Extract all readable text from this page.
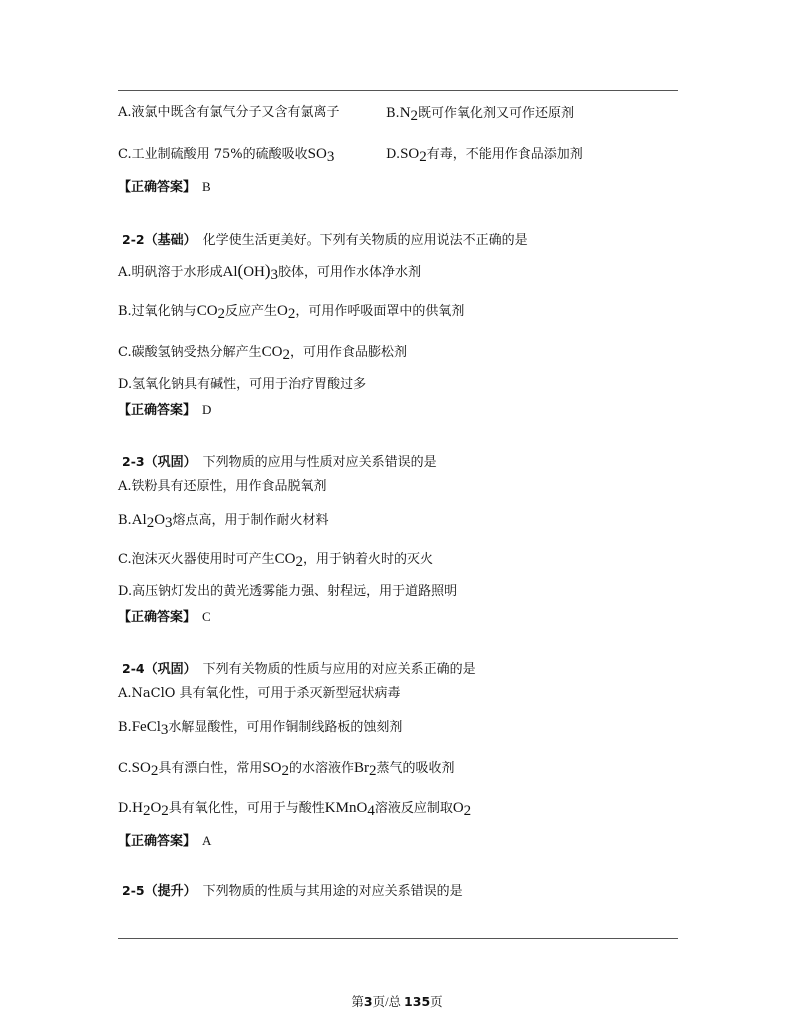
A.液氯中既含有氯气分子又含有氯离子	$B.N_2$既可作氧化剂又可作还原剂
C.工业制硫酸用 75%的硫酸吸收$SO_3$	$D.SO_2$有毒，不能用作食品添加剂
【正确答案】 B
2-2（基础） 化学使生活更美好。下列有关物质的应用说法不正确的是
A.明矾溶于水形成$Al(OH)_3$胶体，可用作水体净水剂
B.过氧化钠与$CO_2$反应产生$O_2$，可用作呼吸面罩中的供氧剂
C.碳酸氢钠受热分解产生$CO_2$，可用作食品膨松剂
D.氢氧化钠具有碱性，可用于治疗胃酸过多
【正确答案】 D
2-3（巩固） 下列物质的应用与性质对应关系错误的是
A.铁粉具有还原性，用作食品脱氧剂
$B.Al_2O_3$熔点高，用于制作耐火材料
C.泡沫灭火器使用时可产生$CO_2$，用于钠着火时的灭火
D.高压钠灯发出的黄光透雾能力强、射程远，用于道路照明
【正确答案】 C
2-4（巩固） 下列有关物质的性质与应用的对应关系正确的是
A.NaClO 具有氧化性，可用于杀灭新型冠状病毒
B.FeCl$_3$水解显酸性，可用作铜制线路板的蚀刻剂
$C.SO_2$具有漂白性，常用$SO_2$的水溶液作$Br_2$蒸气的吸收剂
$D.H_2O_2$具有氧化性，可用于与酸性KMnO$_4$溶液反应制取$O_2$
【正确答案】 A
2-5（提升） 下列物质的性质与其用途的对应关系错误的是
第3页/总 135页
